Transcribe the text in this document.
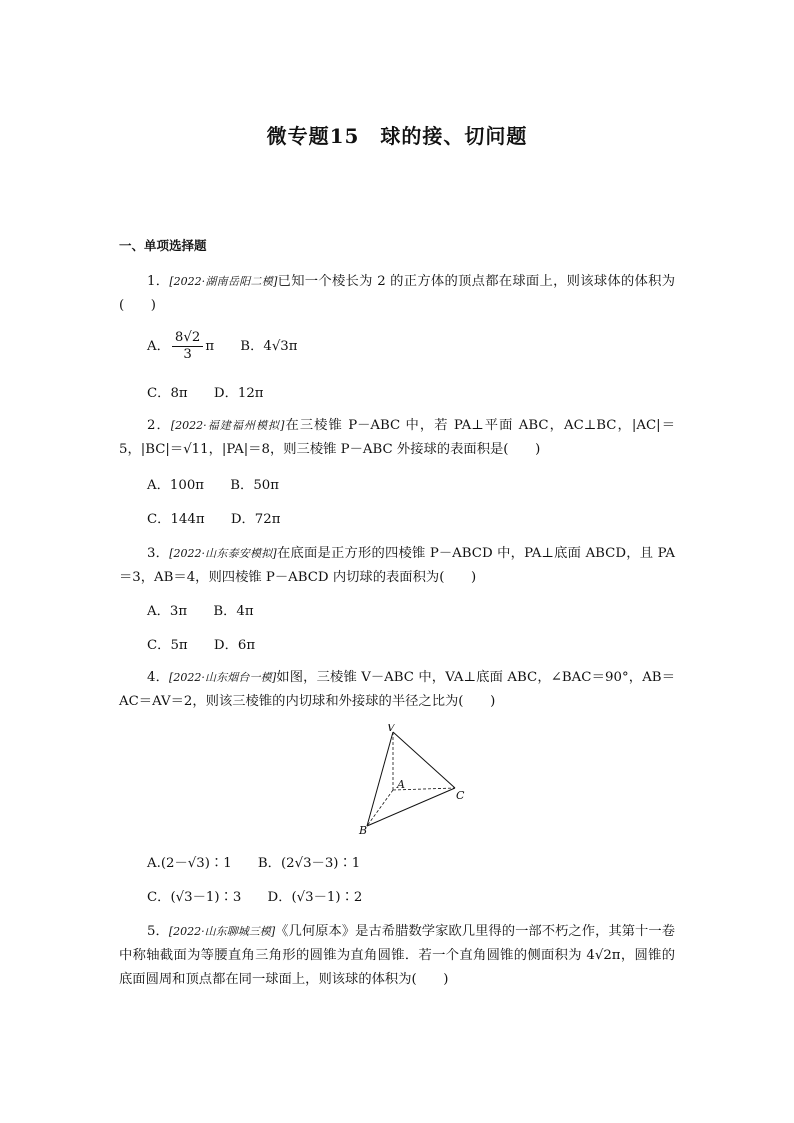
微专题15　球的接、切问题
一、单项选择题
1．[2022·湖南岳阳二模]已知一个棱长为 2 的正方体的顶点都在球面上，则该球体的体积为(　　)
A． $\frac{8√2}{3}$ π B．4√3π
C．8π D．12π
2．[2022·福建福州模拟]在三棱锥 P－ABC 中，若 PA⊥平面 ABC，AC⊥BC，|AC|＝5，|BC|＝√11，|PA|＝8，则三棱锥 P－ABC 外接球的表面积是(　　)
A．100π B．50π
C．144π D．72π
3．[2022·山东泰安模拟]在底面是正方形的四棱锥 P－ABCD 中，PA⊥底面 ABCD，且 PA＝3，AB＝4，则四棱锥 P－ABCD 内切球的表面积为(　　)
A．3π B．4π
C．5π D．6π
4．[2022·山东烟台一模]如图，三棱锥 V－ABC 中，VA⊥底面 ABC，∠BAC＝90°，AB＝AC＝AV＝2，则该三棱锥的内切球和外接球的半径之比为(　　)
V
A
B
C
A.(2－√3)∶1 B．(2√3－3)∶1
C．(√3－1)∶3 D．(√3－1)∶2
5．[2022·山东聊城三模]《几何原本》是古希腊数学家欧几里得的一部不朽之作，其第十一卷中称轴截面为等腰直角三角形的圆锥为直角圆锥．若一个直角圆锥的侧面积为 4√2π，圆锥的底面圆周和顶点都在同一球面上，则该球的体积为(　　)
